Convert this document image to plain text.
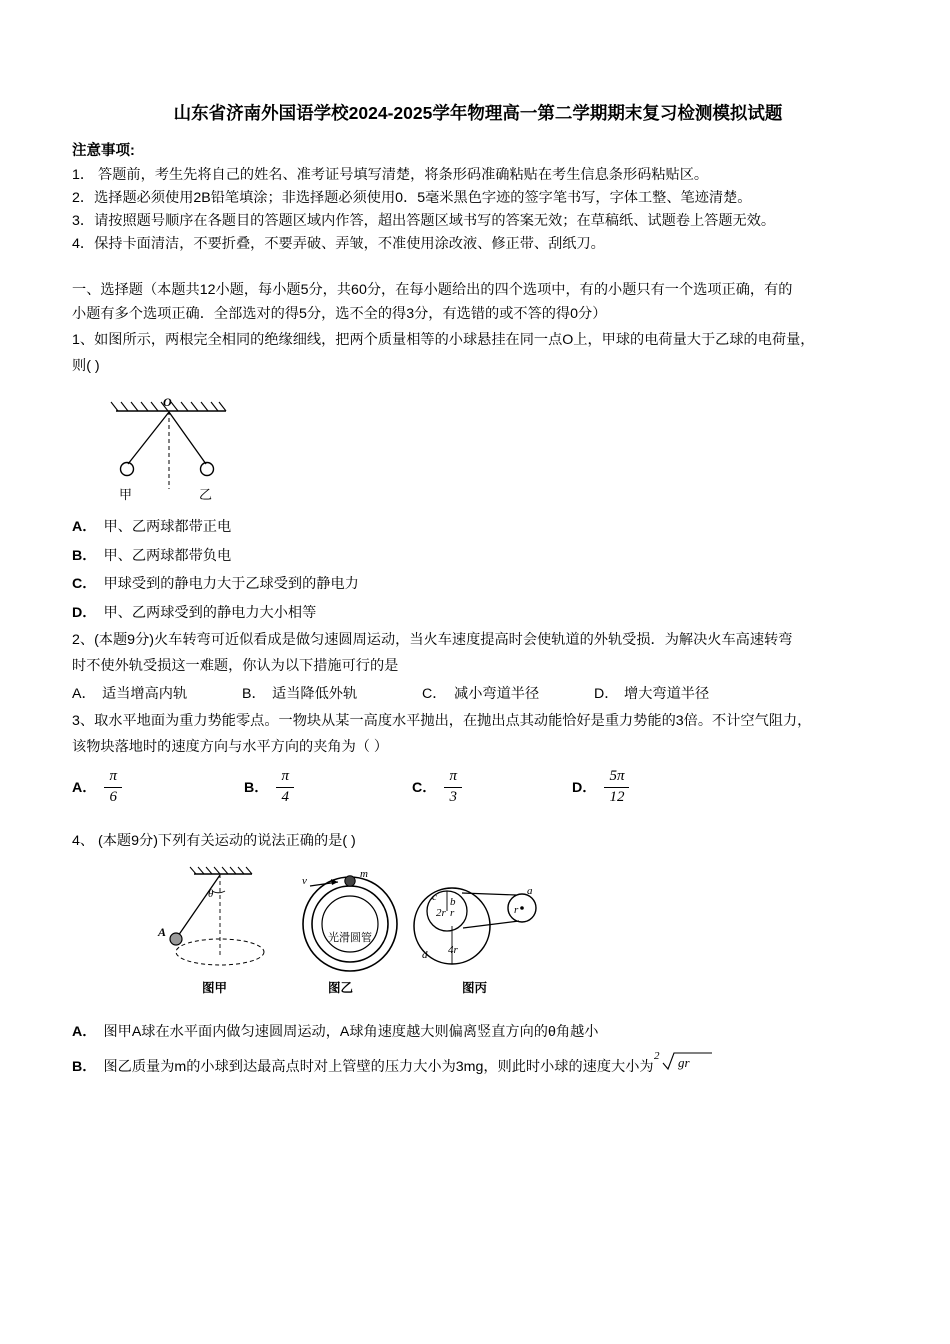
山东省济南外国语学校2024-2025学年物理高一第二学期期末复习检测模拟试题
注意事项:
1． 答题前，考生先将自己的姓名、准考证号填写清楚，将条形码准确粘贴在考生信息条形码粘贴区。
2．选择题必须使用2B铅笔填涂；非选择题必须使用0．5毫米黑色字迹的签字笔书写，字体工整、笔迹清楚。
3．请按照题号顺序在各题目的答题区域内作答，超出答题区域书写的答案无效；在草稿纸、试题卷上答题无效。
4．保持卡面清洁，不要折叠，不要弄破、弄皱，不准使用涂改液、修正带、刮纸刀。
一、选择题（本题共12小题，每小题5分，共60分，在每小题给出的四个选项中，有的小题只有一个选项正确，有的
小题有多个选项正确．全部选对的得5分，选不全的得3分，有选错的或不答的得0分）
1、如图所示，两根完全相同的绝缘细线，把两个质量相等的小球悬挂在同一点O上，甲球的电荷量大于乙球的电荷量，
则( )
O
甲	乙
A． 甲、乙两球都带正电
B． 甲、乙两球都带负电
C． 甲球受到的静电力大于乙球受到的静电力
D． 甲、乙两球受到的静电力大小相等
2、(本题9分)火车转弯可近似看成是做匀速圆周运动，当火车速度提高时会使轨道的外轨受损．为解决火车高速转弯
时不使外轨受损这一难题，你认为以下措施可行的是
A． 适当增高内轨	B． 适当降低外轨	C． 减小弯道半径	D． 增大弯道半径
3、取水平地面为重力势能零点。一物块从某一高度水平抛出，在抛出点其动能恰好是重力势能的3倍。不计空气阻力，
该物块落地时的速度方向与水平方向的夹角为（ ）
A． $\frac{\pi}{6}$	B． $\frac{\pi}{4}$	C． $\frac{\pi}{3}$	D． $\frac{5\pi}{12}$
4、 (本题9分)下列有关运动的说法正确的是( )
θ
A
图甲
m
v
光滑圆管
图乙
c b
2r r
4r
d
a
r
图丙
A． 图甲A球在水平面内做匀速圆周运动，A球角速度越大则偏离竖直方向的θ角越小
B． 图乙质量为m的小球到达最高点时对上管壁的压力大小为3mg，则此时小球的速度大小为
2 gr
